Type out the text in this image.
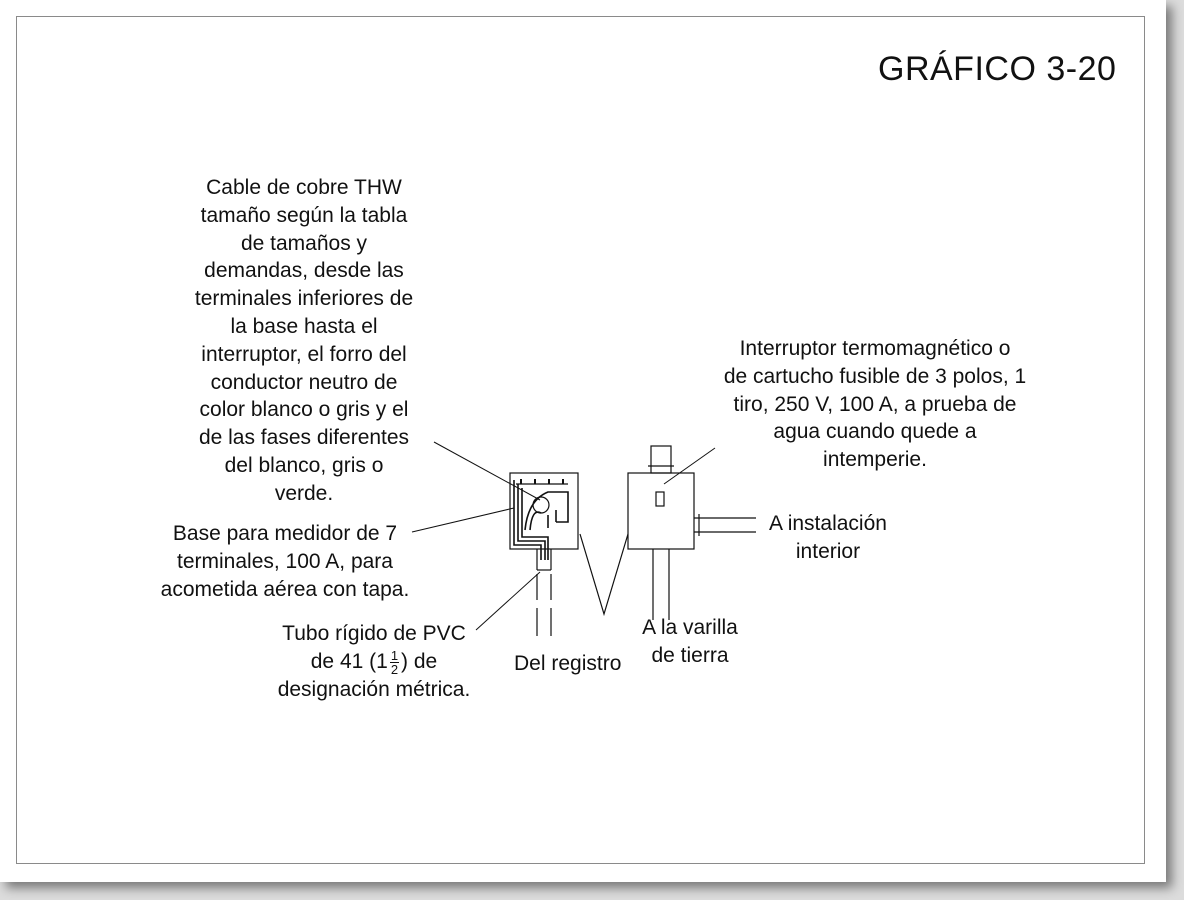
GRÁFICO 3-20
Cable de cobre THW
tamaño según la tabla
de tamaños y
demandas, desde las
terminales inferiores de
la base hasta el
interruptor, el forro del
conductor neutro de
color blanco o gris y el
de las fases diferentes
del blanco, gris o
verde.
Base para medidor de 7
terminales, 100 A, para
acometida aérea con tapa.
Tubo rígido de PVC
de 41 ($1 \frac{1}{2}$ ) de
designación métrica.
Del registro
A la varilla
de tierra
Interruptor termomagnético o
de cartucho fusible de 3 polos, 1
tiro, 250 V, 100 A, a prueba de
agua cuando quede a
intemperie.
A instalación
interior
